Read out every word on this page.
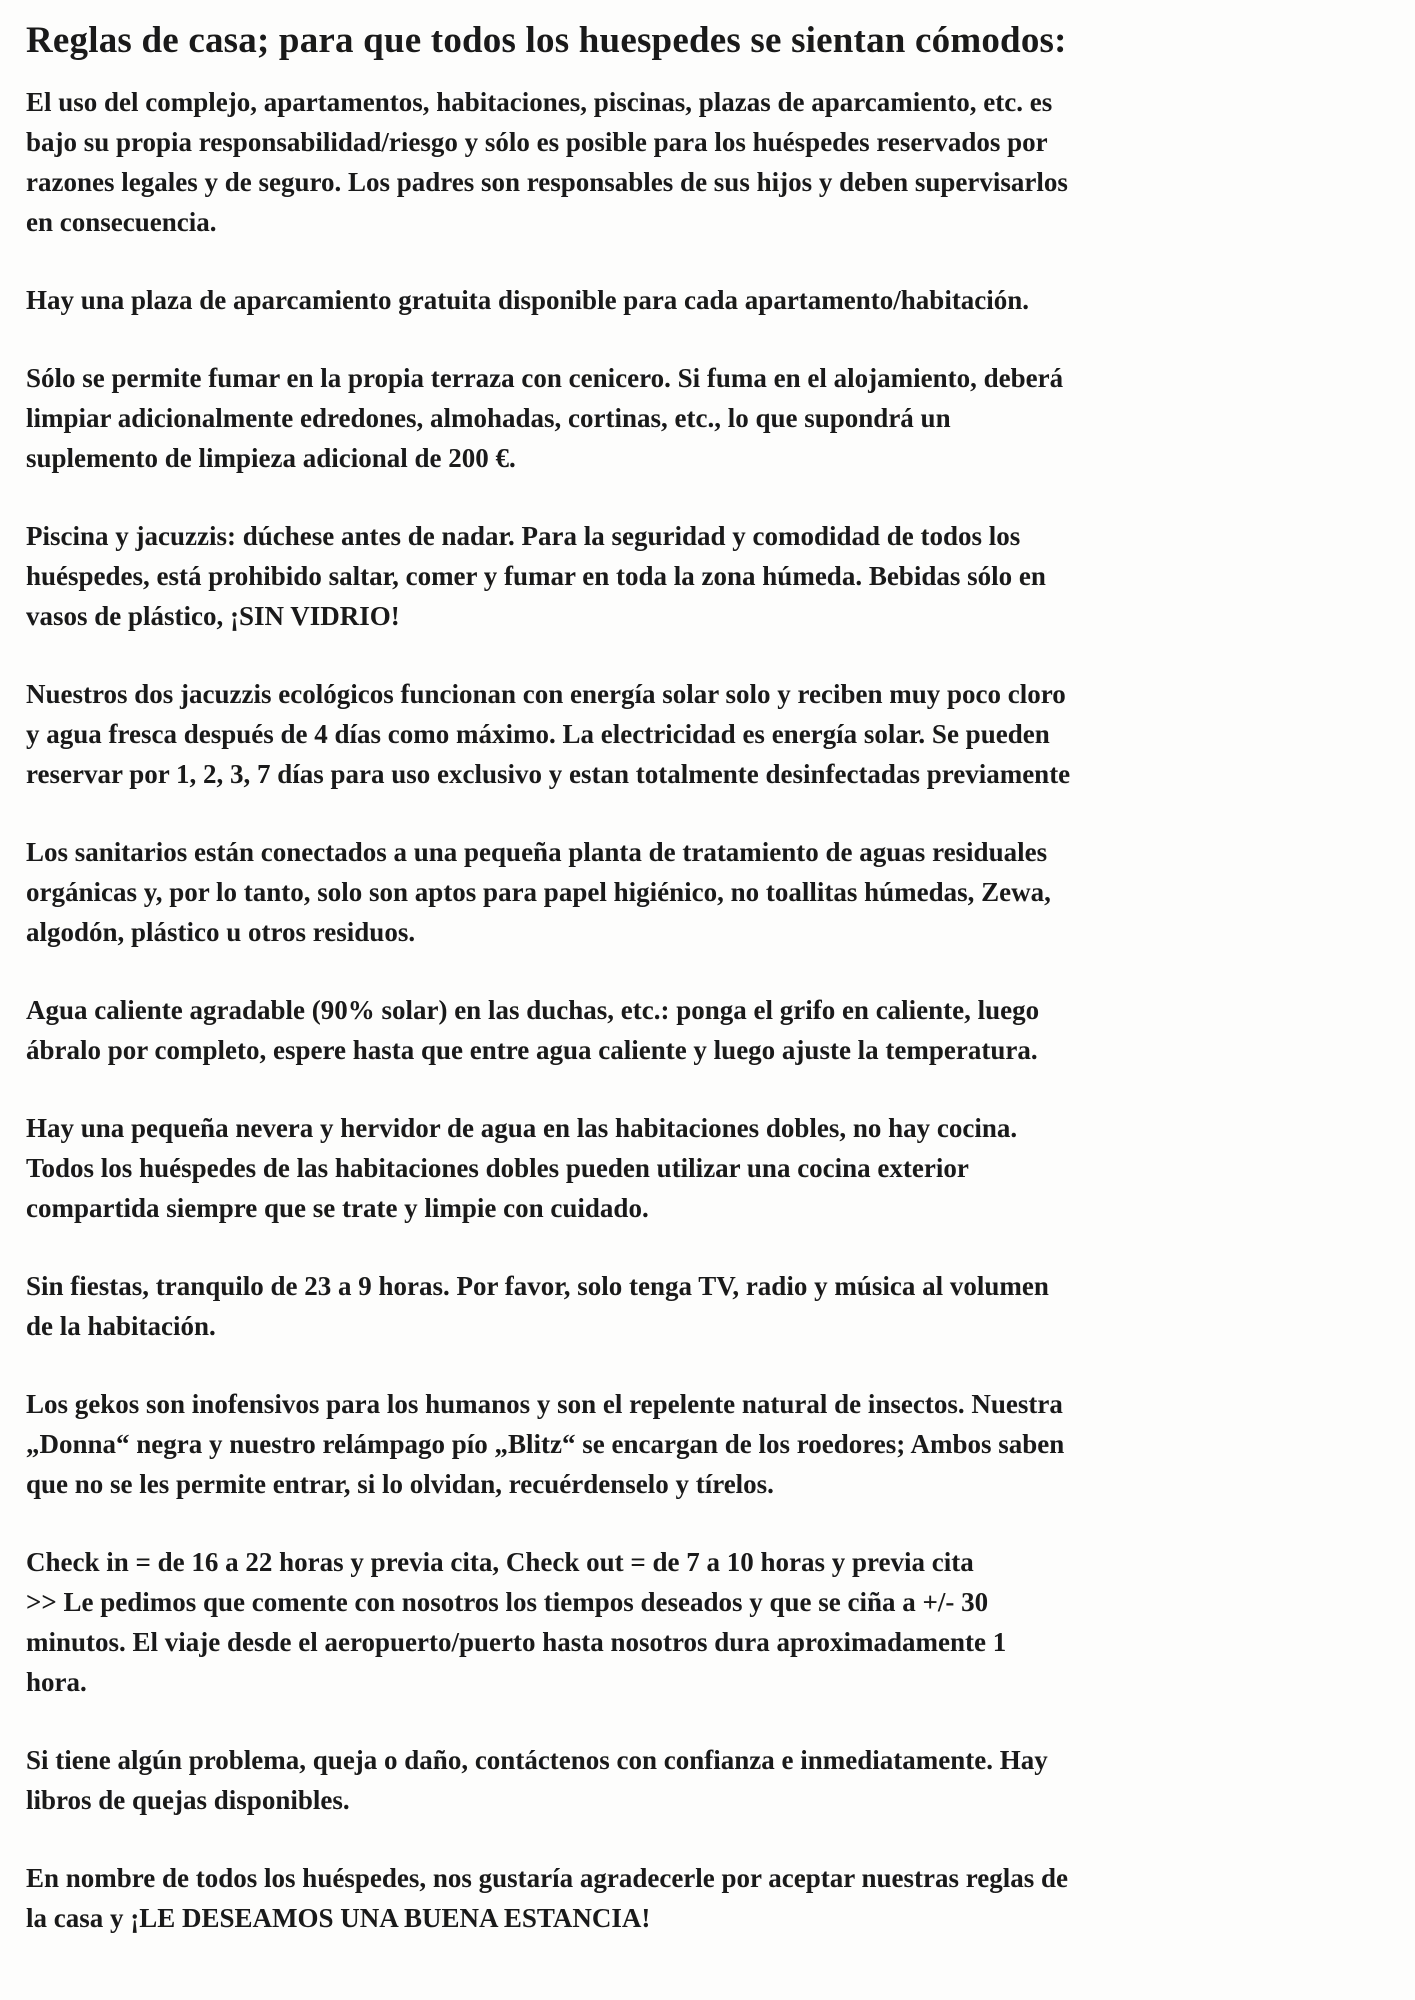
Reglas de casa; para que todos los huespedes se sientan cómodos:

El uso del complejo, apartamentos, habitaciones, piscinas, plazas de aparcamiento, etc. es
bajo su propia responsabilidad/riesgo y sólo es posible para los huéspedes reservados por
razones legales y de seguro. Los padres son responsables de sus hijos y deben supervisarlos
en consecuencia.

Hay una plaza de aparcamiento gratuita disponible para cada apartamento/habitación.

Sólo se permite fumar en la propia terraza con cenicero. Si fuma en el alojamiento, deberá
limpiar adicionalmente edredones, almohadas, cortinas, etc., lo que supondrá un
suplemento de limpieza adicional de 200 €.

Piscina y jacuzzis: dúchese antes de nadar. Para la seguridad y comodidad de todos los
huéspedes, está prohibido saltar, comer y fumar en toda la zona húmeda. Bebidas sólo en
vasos de plástico, ¡SIN VIDRIO!

Nuestros dos jacuzzis ecológicos funcionan con energía solar solo y reciben muy poco cloro
y agua fresca después de 4 días como máximo. La electricidad es energía solar. Se pueden
reservar por 1, 2, 3, 7 días para uso exclusivo y estan totalmente desinfectadas previamente

Los sanitarios están conectados a una pequeña planta de tratamiento de aguas residuales
orgánicas y, por lo tanto, solo son aptos para papel higiénico, no toallitas húmedas, Zewa,
algodón, plástico u otros residuos.

Agua caliente agradable (90% solar) en las duchas, etc.: ponga el grifo en caliente, luego
ábralo por completo, espere hasta que entre agua caliente y luego ajuste la temperatura.

Hay una pequeña nevera y hervidor de agua en las habitaciones dobles, no hay cocina.
Todos los huéspedes de las habitaciones dobles pueden utilizar una cocina exterior
compartida siempre que se trate y limpie con cuidado.

Sin fiestas, tranquilo de 23 a 9 horas. Por favor, solo tenga TV, radio y música al volumen
de la habitación.

Los gekos son inofensivos para los humanos y son el repelente natural de insectos. Nuestra
„Donna“ negra y nuestro relámpago pío „Blitz“ se encargan de los roedores; Ambos saben
que no se les permite entrar, si lo olvidan, recuérdenselo y tírelos.

Check in = de 16 a 22 horas y previa cita, Check out = de 7 a 10 horas y previa cita
>> Le pedimos que comente con nosotros los tiempos deseados y que se ciña a +/- 30
minutos. El viaje desde el aeropuerto/puerto hasta nosotros dura aproximadamente 1
hora.

Si tiene algún problema, queja o daño, contáctenos con confianza e inmediatamente. Hay
libros de quejas disponibles.

En nombre de todos los huéspedes, nos gustaría agradecerle por aceptar nuestras reglas de
la casa y ¡LE DESEAMOS UNA BUENA ESTANCIA!
